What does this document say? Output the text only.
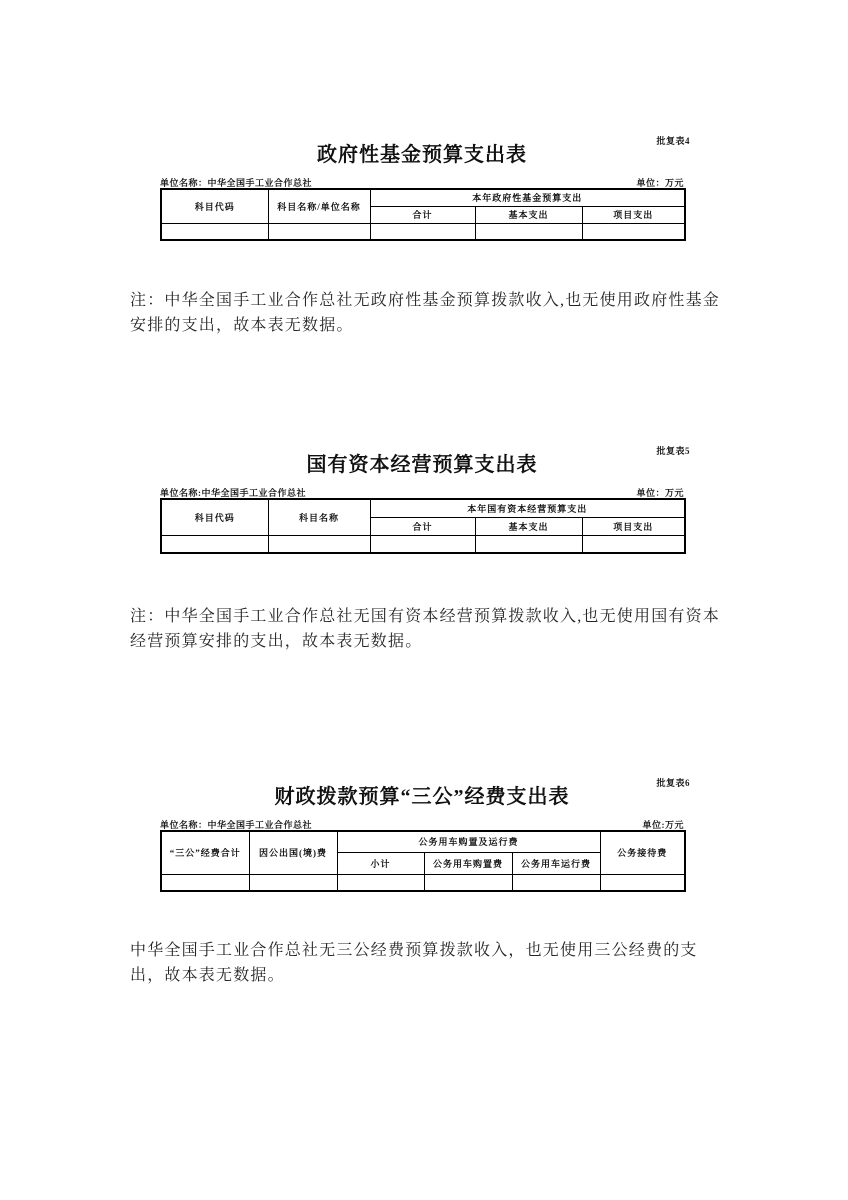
批复表4
政府性基金预算支出表
单位名称：中华全国手工业合作总社	单位：万元
科目代码	科目名称/单位名称	本年政府性基金预算支出		
		合计	基本支出	项目支出

注：中华全国手工业合作总社无政府性基金预算拨款收入,也无使用政府性基金
安排的支出，故本表无数据。
批复表5
国有资本经营预算支出表
单位名称:中华全国手工业合作总社	单位：万元
科目代码	科目名称	本年国有资本经营预算支出		
		合计	基本支出	项目支出

注：中华全国手工业合作总社无国有资本经营预算拨款收入,也无使用国有资本
经营预算安排的支出，故本表无数据。
批复表6
财政拨款预算“三公”经费支出表
单位名称：中华全国手工业合作总社	单位:万元
“三公”经费合计	因公出国(境)费	公务用车购置及运行费			公务接待费
		小计	公务用车购置费	公务用车运行费	

中华全国手工业合作总社无三公经费预算拨款收入，也无使用三公经费的支
出，故本表无数据。
